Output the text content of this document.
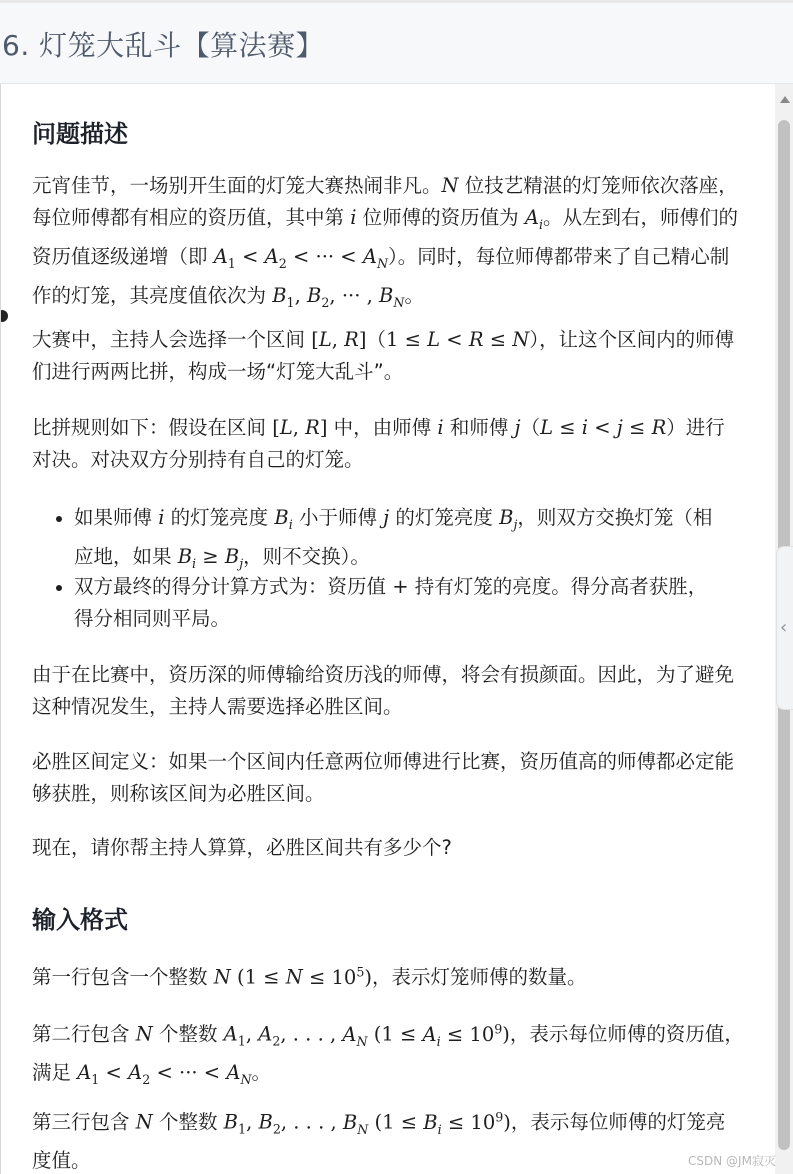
6. 灯笼大乱斗【算法赛】
问题描述
元宵佳节，一场别开生面的灯笼大赛热闹非凡。N 位技艺精湛的灯笼师依次落座，每位师傅都有相应的资历值，其中第 i 位师傅的资历值为 $A_i$。从左到右，师傅们的资历值逐级递增（即 $A_1 < A_2$ < ··· < $A_N$）。同时，每位师傅都带来了自己精心制作的灯笼，其亮度值依次为 $B_1$, $B_2$, ··· , $B_N$。
大赛中，主持人会选择一个区间 [L, R]（1 ≤ L < R ≤ N），让这个区间内的师傅们进行两两比拼，构成一场“灯笼大乱斗”。
比拼规则如下：假设在区间 [L, R] 中，由师傅 i 和师傅 j（L ≤ i < j ≤ R）进行对决。对决双方分别持有自己的灯笼。
如果师傅 i 的灯笼亮度 $B_i$ 小于师傅 j 的灯笼亮度 $B_j$，则双方交换灯笼（相应地，如果 $B_i \ge B_j$，则不交换）。
双方最终的得分计算方式为：资历值 + 持有灯笼的亮度。得分高者获胜，得分相同则平局。
由于在比赛中，资历深的师傅输给资历浅的师傅，将会有损颜面。因此，为了避免这种情况发生，主持人需要选择必胜区间。
必胜区间定义：如果一个区间内任意两位师傅进行比赛，资历值高的师傅都必定能够获胜，则称该区间为必胜区间。
现在，请你帮主持人算算，必胜区间共有多少个?
输入格式
第一行包含一个整数 N $(1 \le N \le 10^5)$，表示灯笼师傅的数量。
第二行包含 N 个整数 $A_1$, $A_2$, . . . , $A_N$ $(1 \le A_i \le 10^9)$，表示每位师傅的资历值，满足 $A_1 < A_2$ < ··· < $A_N$。
第三行包含 N 个整数 $B_1$, $B_2$, . . . , $B_N$ $(1 \le B_i \le 10^9)$，表示每位师傅的灯笼亮度值。
‹
CSDN @JM寂灭
